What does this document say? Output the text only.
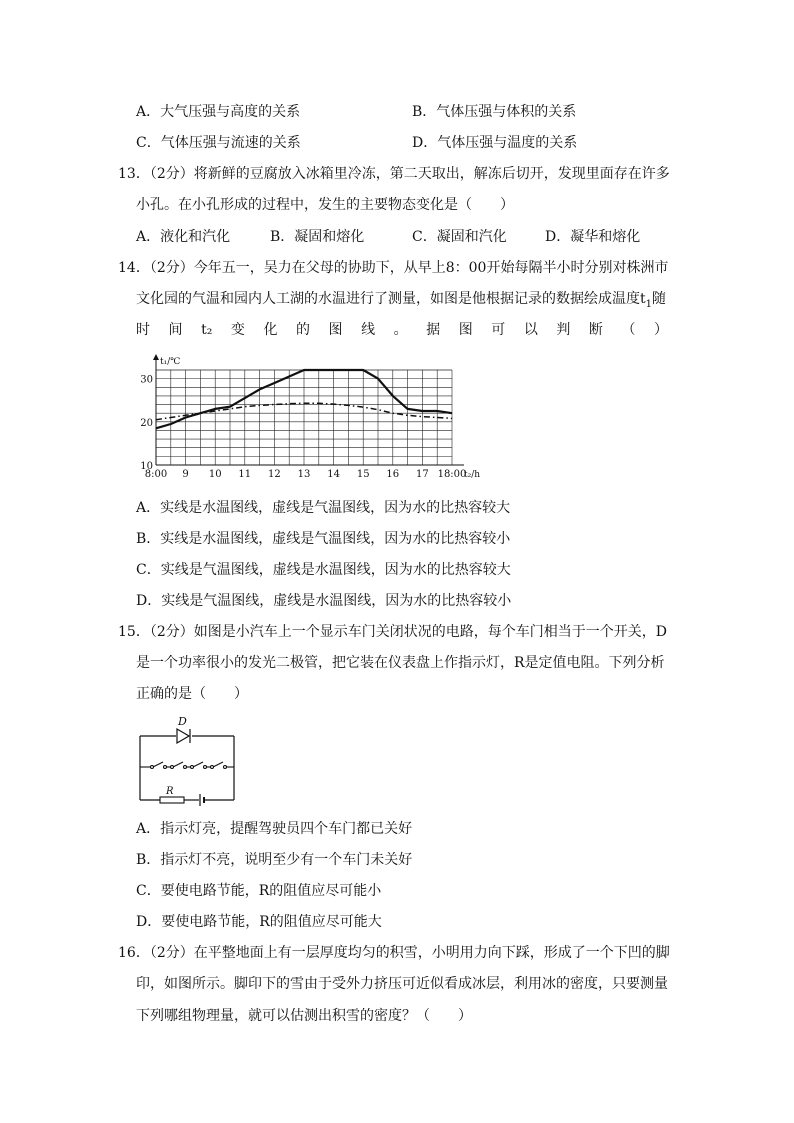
A．大气压强与高度的关系	B．气体压强与体积的关系
C．气体压强与流速的关系	D．气体压强与温度的关系
13．（2分）将新鲜的豆腐放入冰箱里冷冻，第二天取出，解冻后切开，发现里面存在许多
小孔。在小孔形成的过程中，发生的主要物态变化是（　　）
A．液化和汽化	B．凝固和熔化	C．凝固和汽化	D．凝华和熔化
14．（2分）今年五一，吴力在父母的协助下，从早上8：00开始每隔半小时分别对株洲市
文化园的气温和园内人工湖的水温进行了测量，如图是他根据记录的数据绘成温度$t_1$随
时 间 t₂ 变 化 的 图 线 。 据 图 可 以 判 断 （ ）
t₁/℃
t₂/h
10
20
30
8:00 9 10 11 12 13 14 15 16 17 18:00
A．实线是水温图线，虚线是气温图线，因为水的比热容较大
B．实线是水温图线，虚线是气温图线，因为水的比热容较小
C．实线是气温图线，虚线是水温图线，因为水的比热容较大
D．实线是气温图线，虚线是水温图线，因为水的比热容较小
15．（2分）如图是小汽车上一个显示车门关闭状况的电路，每个车门相当于一个开关，D
是一个功率很小的发光二极管，把它装在仪表盘上作指示灯，R是定值电阻。下列分析
正确的是（　　）
D
R
A．指示灯亮，提醒驾驶员四个车门都已关好
B．指示灯不亮，说明至少有一个车门未关好
C．要使电路节能，R的阻值应尽可能小
D．要使电路节能，R的阻值应尽可能大
16．（2分）在平整地面上有一层厚度均匀的积雪，小明用力向下踩，形成了一个下凹的脚
印，如图所示。脚印下的雪由于受外力挤压可近似看成冰层，利用冰的密度，只要测量
下列哪组物理量，就可以估测出积雪的密度？（　　）
